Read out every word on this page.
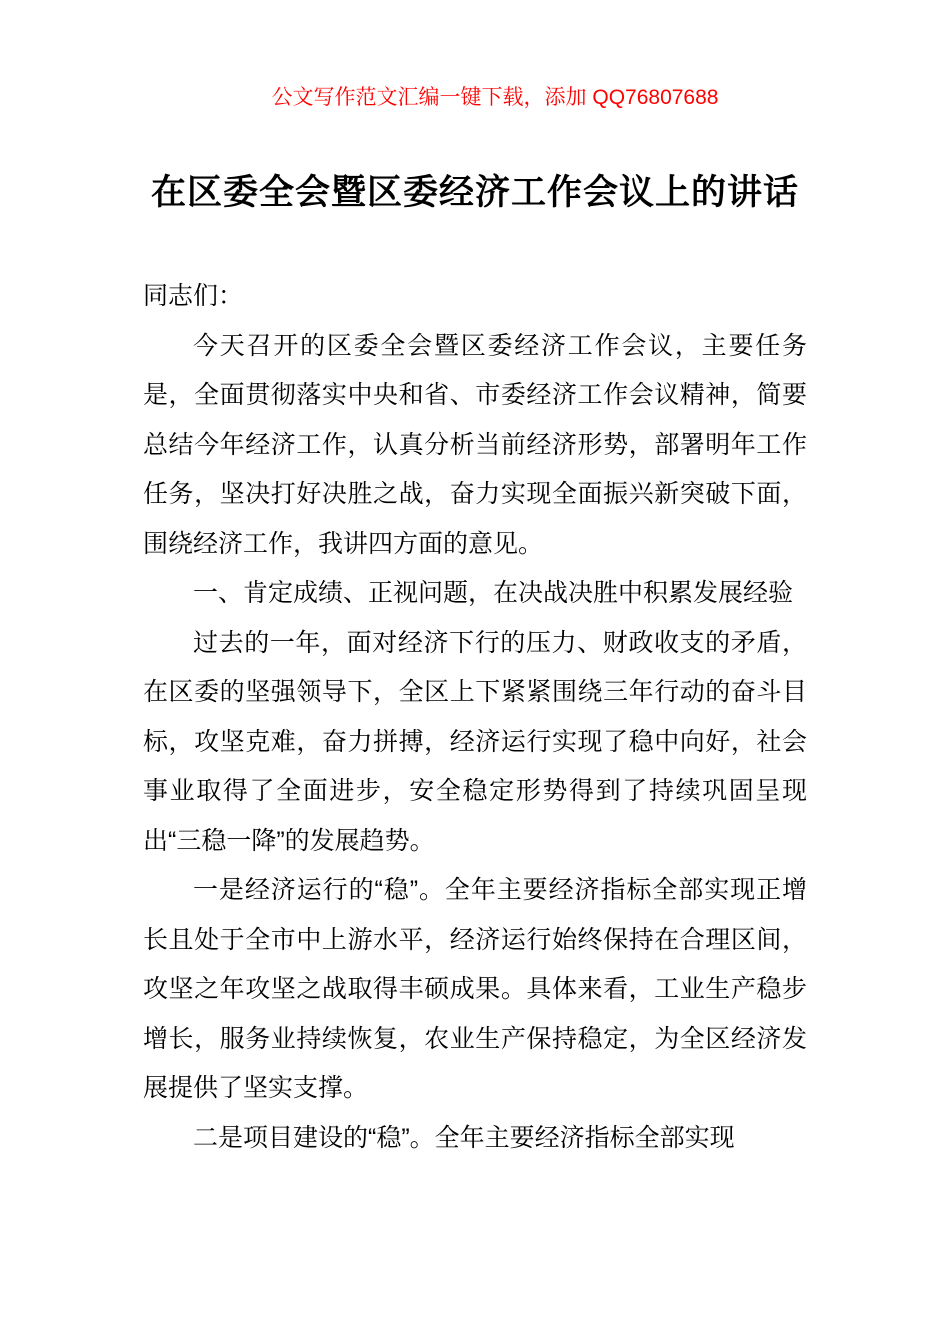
公文写作范文汇编一键下载，添加 QQ76807688

在区委全会暨区委经济工作会议上的讲话

同志们：

今天召开的区委全会暨区委经济工作会议，主要任务是，全面贯彻落实中央和省、市委经济工作会议精神，简要总结今年经济工作，认真分析当前经济形势，部署明年工作任务，坚决打好决胜之战，奋力实现全面振兴新突破下面，围绕经济工作，我讲四方面的意见。

一、肯定成绩、正视问题，在决战决胜中积累发展经验

过去的一年，面对经济下行的压力、财政收支的矛盾，在区委的坚强领导下，全区上下紧紧围绕三年行动的奋斗目标，攻坚克难，奋力拼搏，经济运行实现了稳中向好，社会事业取得了全面进步，安全稳定形势得到了持续巩固呈现出“三稳一降”的发展趋势。

一是经济运行的“稳”。全年主要经济指标全部实现正增长且处于全市中上游水平，经济运行始终保持在合理区间，攻坚之年攻坚之战取得丰硕成果。具体来看，工业生产稳步增长，服务业持续恢复，农业生产保持稳定，为全区经济发展提供了坚实支撑。

二是项目建设的“稳”。全年主要经济指标全部实现
